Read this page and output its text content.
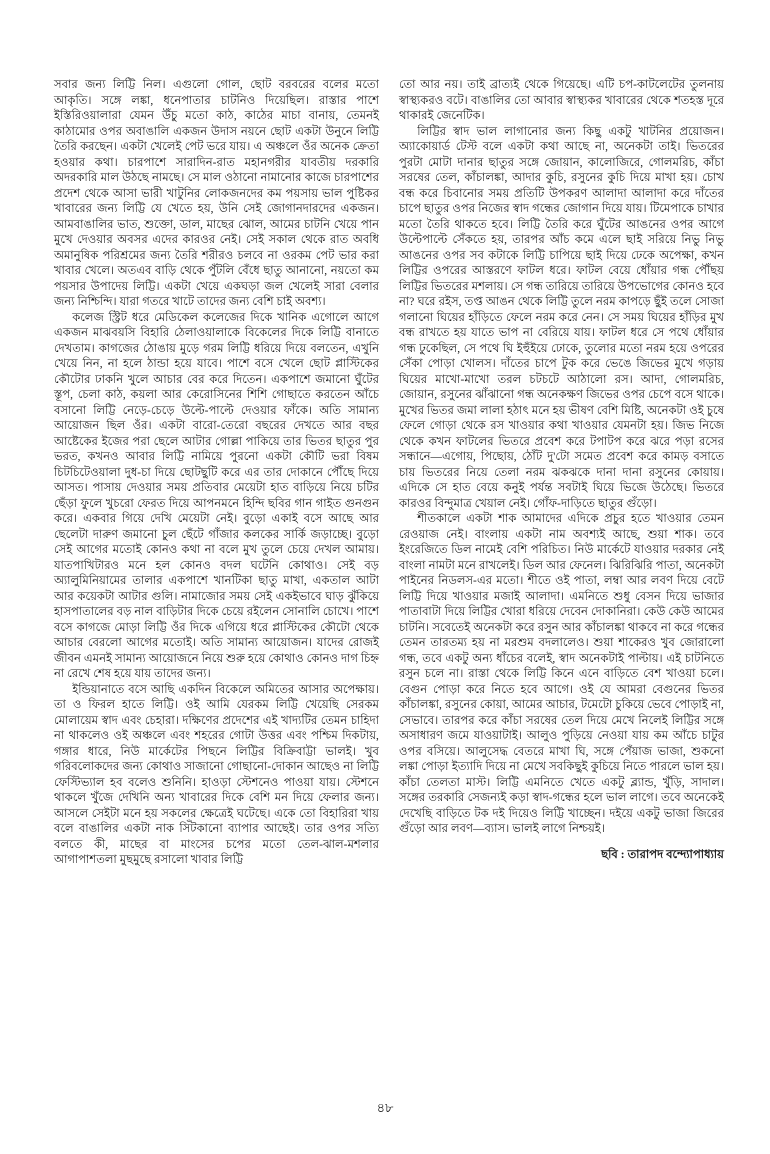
সবার জন্য লিট্টি নিল। এগুলো গোল, ছোট বরবরের বলের মতো আকৃতি। সঙ্গে লঙ্কা, ধনেপাতার চাটনিও দিয়েছিল। রাস্তার পাশে ইস্তিরিওয়ালারা যেমন উঁচু মতো কাঠ, কাঠের মাচা বানায়, তেমনই কাঠামোর ওপর অবাঙালি একজন উদাস নয়নে ছোট একটা উনুনে লিট্টি তৈরি করছেন। একটা খেলেই পেট ভরে যায়। এ অঞ্চলে ওঁর অনেক ক্রেতা হওয়ার কথা। চারপাশে সারাদিন-রাত মহানগরীর যাবতীয় দরকারি অদরকারি মাল উঠছে নামছে। সে মাল ওঠানো নামানোর কাজে চারপাশের প্রদেশ থেকে আসা ভারী খাটুনির লোকজনদের কম পয়সায় ভাল পুষ্টিকর খাবারের জন্য লিট্টি যে খেতে হয়, উনি সেই জোগানদারদের একজন। আমবাঙালির ভাত, শুক্তো, ডাল, মাছের ঝোল, আমের চাটনি খেয়ে পান মুখে দেওয়ার অবসর এদের কারওর নেই। সেই সকাল থেকে রাত অবধি অমানুষিক পরিশ্রমের জন্য তৈরি শরীরও চলবে না ওরকম পেট ভার করা খাবার খেলে। অতএব বাড়ি থেকে পুঁটলি বেঁধে ছাতু আনানো, নয়তো কম পয়সার উপাদেয় লিট্টি। একটা খেয়ে একঘড়া জল খেলেই সারা বেলার জন্য নিশ্চিন্দি। যারা গতরে খাটে তাদের জন্য বেশি চাই অবশ্য।

কলেজ স্ট্রিট ধরে মেডিকেল কলেজের দিকে খানিক এগোলে আগে একজন মাঝবয়সি বিহারি ঠেলাওয়ালাকে বিকেলের দিকে লিট্টি বানাতে দেখতাম। কাগজের ঠোঙায় মুড়ে গরম লিট্টি ধরিয়ে দিয়ে বলতেন, এখুনি খেয়ে নিন, না হলে ঠান্ডা হয়ে যাবে। পাশে বসে খেলে ছোট প্লাস্টিকের কৌটোর ঢাকনি খুলে আচার বের করে দিতেন। একপাশে জমানো ঘুঁটের স্তূপ, চেলা কাঠ, কয়লা আর কেরোসিনের শিশি গোছাতে করতেন আঁচে বসানো লিট্টি নেড়ে-চেড়ে উল্টে-পাল্টে দেওয়ার ফাঁকে। অতি সামান্য আয়োজন ছিল ওঁর। একটা বারো-তেরো বছরের দেখতে আর বছর আষ্টেকের ইজের পরা ছেলে আটার গোল্লা পাকিয়ে তার ভিতর ছাতুর পুর ভরত, কখনও আবার লিট্টি নামিয়ে পুরনো একটা কৌটি ভরা বিষম চিটচিটেওয়ালা দুধ-চা দিয়ে ছোটছুটি করে এর তার দোকানে পৌঁছে দিয়ে আসত। পাসায় দেওয়ার সময় প্রতিবার মেয়েটা হাত বাড়িয়ে নিয়ে চটির ছেঁড়া ফুলে খুচরো ফেরত দিয়ে আপনমনে হিন্দি ছবির গান গাইত গুনগুন করে। একবার গিয়ে দেখি মেয়েটা নেই। বুড়ো একাই বসে আছে আর ছেলেটা দারুণ জমানো চুল ছেঁটে গাঁজার কলকের সার্কি জড়াচ্ছে। বুড়ো সেই আগের মতোই কোনও কথা না বলে মুখ তুলে চেয়ে দেখল আমায়। যাতপাখিটারও মনে হল কোনও বদল ঘটেনি কোথাও। সেই বড় অ্যালুমিনিয়ামের তালার একপাশে খানটিকা ছাতু মাখা, একতাল আটা আর কয়েকটা আটার গুলি। নামাজোর সময় সেই একইভাবে ঘাড় ঝুঁকিয়ে হাসপাতালের বড় নাল বাড়িটার দিকে চেয়ে রইলেন সোনালি চোখে। পাশে বসে কাগজে মোড়া লিট্টি ওঁর দিকে এগিয়ে ধরে প্লাস্টিকের কৌটো থেকে আচার বেরলো আগের মতোই। অতি সামান্য আয়োজন। যাদের রোজই জীবন এমনই সামান্য আয়োজনে নিয়ে শুরু হয়ে কোথাও কোনও দাগ চিহ্ন না রেখে শেষ হয়ে যায় তাদের জন্য।

ইন্ডিয়ানাতে বসে আছি একদিন বিকেলে অমিতের আসার অপেক্ষায়। তা ও ফিরল হাতে লিট্টি। ওই আমি যেরকম লিট্টি খেয়েছি সেরকম মোলায়েম স্বাদ এবং চেহারা। দক্ষিণের প্রদেশের এই খাদ্যটির তেমন চাহিদা না থাকলেও ওই অঞ্চলে এবং শহরের গোটা উত্তর এবং পশ্চিম দিকটায়, গঙ্গার ধারে, নিউ মার্কেটের পিছনে লিট্টির বিক্রিবাট্টা ভালই। খুব গরিবলোকদের জন্য কোথাও সাজানো গোছানো-দোকান আছেও না লিট্টি ফেস্টিভ্যাল হব বলেও শুনিনি। হাওড়া স্টেশনেও পাওয়া যায়। স্টেশনে থাকলে খুঁজে দেখিনি অন্য খাবারের দিকে বেশি মন দিয়ে ফেলার জন্য। আসলে সেইটা মনে হয় সকলের ক্ষেত্রেই ঘটেছে। একে তো বিহারিরা খায় বলে বাঙালির একটা নাক সিঁটকানো ব্যাপার আছেই। তার ওপর সত্যি বলতে কী, মাছের বা মাংসের চপের মতো তেল-ঝাল-মশলার আগাপাশতলা মুছমুছে রসালো খাবার লিট্টি

তো আর নয়। তাই ব্রাত্যই থেকে গিয়েছে। এটি চপ-কাটলেটের তুলনায় স্বাস্থ্যকরও বটে। বাঙালির তো আবার স্বাস্থ্যকর খাবারের থেকে শতহস্ত দূরে থাকারই জেনেটিক।

লিট্টির স্বাদ ভাল লাগানোর জন্য কিছু একটু খাটনির প্রয়োজন। অ্যাকোয়ার্ড টেস্ট বলে একটা কথা আছে না, অনেকটা তাই। ভিতরের পুরটা মোটা দানার ছাতুর সঙ্গে জোয়ান, কালোজিরে, গোলমরিচ, কাঁচা সরষের তেল, কাঁচালঙ্কা, আদার কুচি, রসুনের কুচি দিয়ে মাখা হয়। চোখ বন্ধ করে চিবানোর সময় প্রতিটি উপকরণ আলাদা আলাদা করে দাঁতের চাপে ছাতুর ওপর নিজের স্বাদ গন্ধের জোগান দিয়ে যায়। টিমেপাকে চাখার মতো তৈরি থাকতে হবে। লিট্টি তৈরি করে ঘুঁটের আঙনের ওপর আগে উল্টেপাল্টে সেঁকতে হয়, তারপর আঁচ কমে এলে ছাই সরিয়ে নিভু নিভু আঙনের ওপর সব কটাকে লিট্টি চাপিয়ে ছাই দিয়ে ঢেকে অপেক্ষা, কখন লিট্টির ওপরের আস্তরণে ফাটল ধরে। ফাটল বেয়ে ধোঁয়ার গন্ধ পৌঁছয় লিট্টির ভিতরের মশলায়। সে গন্ধ তারিয়ে তারিয়ে উপভোগের কোনও হবে না? ঘরে রইস, তপ্ত আঙন থেকে লিট্টি তুলে নরম কাপড়ে ছুঁই তলে সোজা গলানো ঘিয়ের হাঁড়িতে ফেলে নরম করে নেন। সে সময় ঘিয়ের হাঁড়ির মুখ বন্ধ রাখতে হয় যাতে ভাপ না বেরিয়ে যায়। ফাটল ধরে সে পথে ধোঁয়ার গন্ধ ঢুকেছিল, সে পথে ঘি ইহুঁইয়ে ঢোকে, তুলোর মতো নরম হয়ে ওপরের সেঁকা পোড়া খোলস। দাঁতের চাপে টুক করে ভেঙে জিভের মুখে গড়ায় ঘিয়ের মাখো-মাখো তরল চটচটে আঠালো রস। আদা, গোলমরিচ, জোয়ান, রসুনের ঝাঁঝানো গন্ধ অনেকক্ষণ জিভের ওপর চেপে বসে থাকে। মুখের ভিতর জমা লালা হঠাৎ মনে হয় ভীষণ বেশি মিষ্টি, অনেকটা ওই চুষে ফেলে গোড়া থেকে রস খাওয়ার কথা খাওয়ার যেমনটা হয়। জিভ নিজে থেকে কখন ফাটলের ভিতরে প্রবেশ করে টপাটপ করে ঝরে পড়া রসের সন্ধানে—এগোয়, পিছোয়, ঠোঁট দু'টো সমেত প্রবেশ করে কামড় বসাতে চায় ভিতরের নিয়ে তেলা নরম ঝকঝকে দানা দানা রসুনের কোয়ায়। এদিকে সে হাত বেয়ে কনুই পর্যন্ত সবটাই ঘিয়ে ভিজে উঠেছে। ভিতরে কারওর বিন্দুমাত্র খেয়াল নেই। গোঁফ-দাড়িতে ছাতুর গুঁড়ো।

শীতকালে একটা শাক আমাদের এদিকে প্রচুর হতে খাওয়ার তেমন রেওয়াজ নেই। বাংলায় একটা নাম অবশ্যই আছে, শুয়া শাক। তবে ইংরেজিতে ডিল নামেই বেশি পরিচিত। নিউ মার্কেটে যাওয়ার দরকার নেই বাংলা নামটা মনে রাখলেই। ডিল আর ফেনেল। ঝিরিঝিরি পাতা, অনেকটা পাইনের নিডলস-এর মতো। শীতে ওই পাতা, লম্বা আর লবণ দিয়ে বেটে লিট্টি দিয়ে খাওয়ার মজাই আলাদা। এমনিতে শুধু বেসন দিয়ে ভাজার পাতাবাটা দিয়ে লিট্টির খোরা ধরিয়ে দেবেন দোকানিরা। কেউ কেউ আমের চাটনি। সবেতেই অনেকটা করে রসুন আর কাঁচালঙ্কা থাকবে না করে গন্ধের তেমন তারতম্য হয় না মরশুম বদলালেও। শুয়া শাকেরও খুব জোরালো গন্ধ, তবে একটু অন্য ধাঁচের বলেই, স্বাদ অনেকটাই পাল্টায়। এই চাটনিতে রসুন চলে না। রাস্তা থেকে লিট্টি কিনে এনে বাড়িতে বেশ খাওয়া চলে। বেগুন পোড়া করে নিতে হবে আগে। ওই যে আমরা বেগুনের ভিতর কাঁচালঙ্কা, রসুনের কোয়া, আমের আচার, টমেটো চুকিয়ে ভেবে পোড়াই না, সেভাবে। তারপর করে কাঁচা সরষের তেল দিয়ে মেখে নিলেই লিট্টির সঙ্গে অসাধারণ জমে যাওয়াটাই। আলুও পুড়িয়ে নেওয়া যায় কম আঁচে চাটুর ওপর বসিয়ে। আলুসেদ্ধ বেতরে মাখা ঘি, সঙ্গে পেঁয়াজ ভাজা, শুকনো লঙ্কা পোড়া ইত্যাদি দিয়ে না মেখে সবকিছুই কুচিয়ে নিতে পারলে ভাল হয়। কাঁচা তেলতা মাস্ট। লিট্টি এমনিতে খেতে একটু ব্ল্যান্ড, খুঁড়ি, সাদাল। সঙ্গের তরকারি সেজন্যই কড়া স্বাদ-গন্ধের হলে ভাল লাগে। তবে অনেকেই দেখেছি বাড়িতে টক দই দিয়েও লিট্টি খাচ্ছেন। দইয়ে একটু ভাজা জিরের গুঁড়ো আর লবণ—ব্যাস। ভালই লাগে নিশ্চয়ই।

ছবি : তারাপদ বন্দ্যোপাধ্যায়
৪৮
